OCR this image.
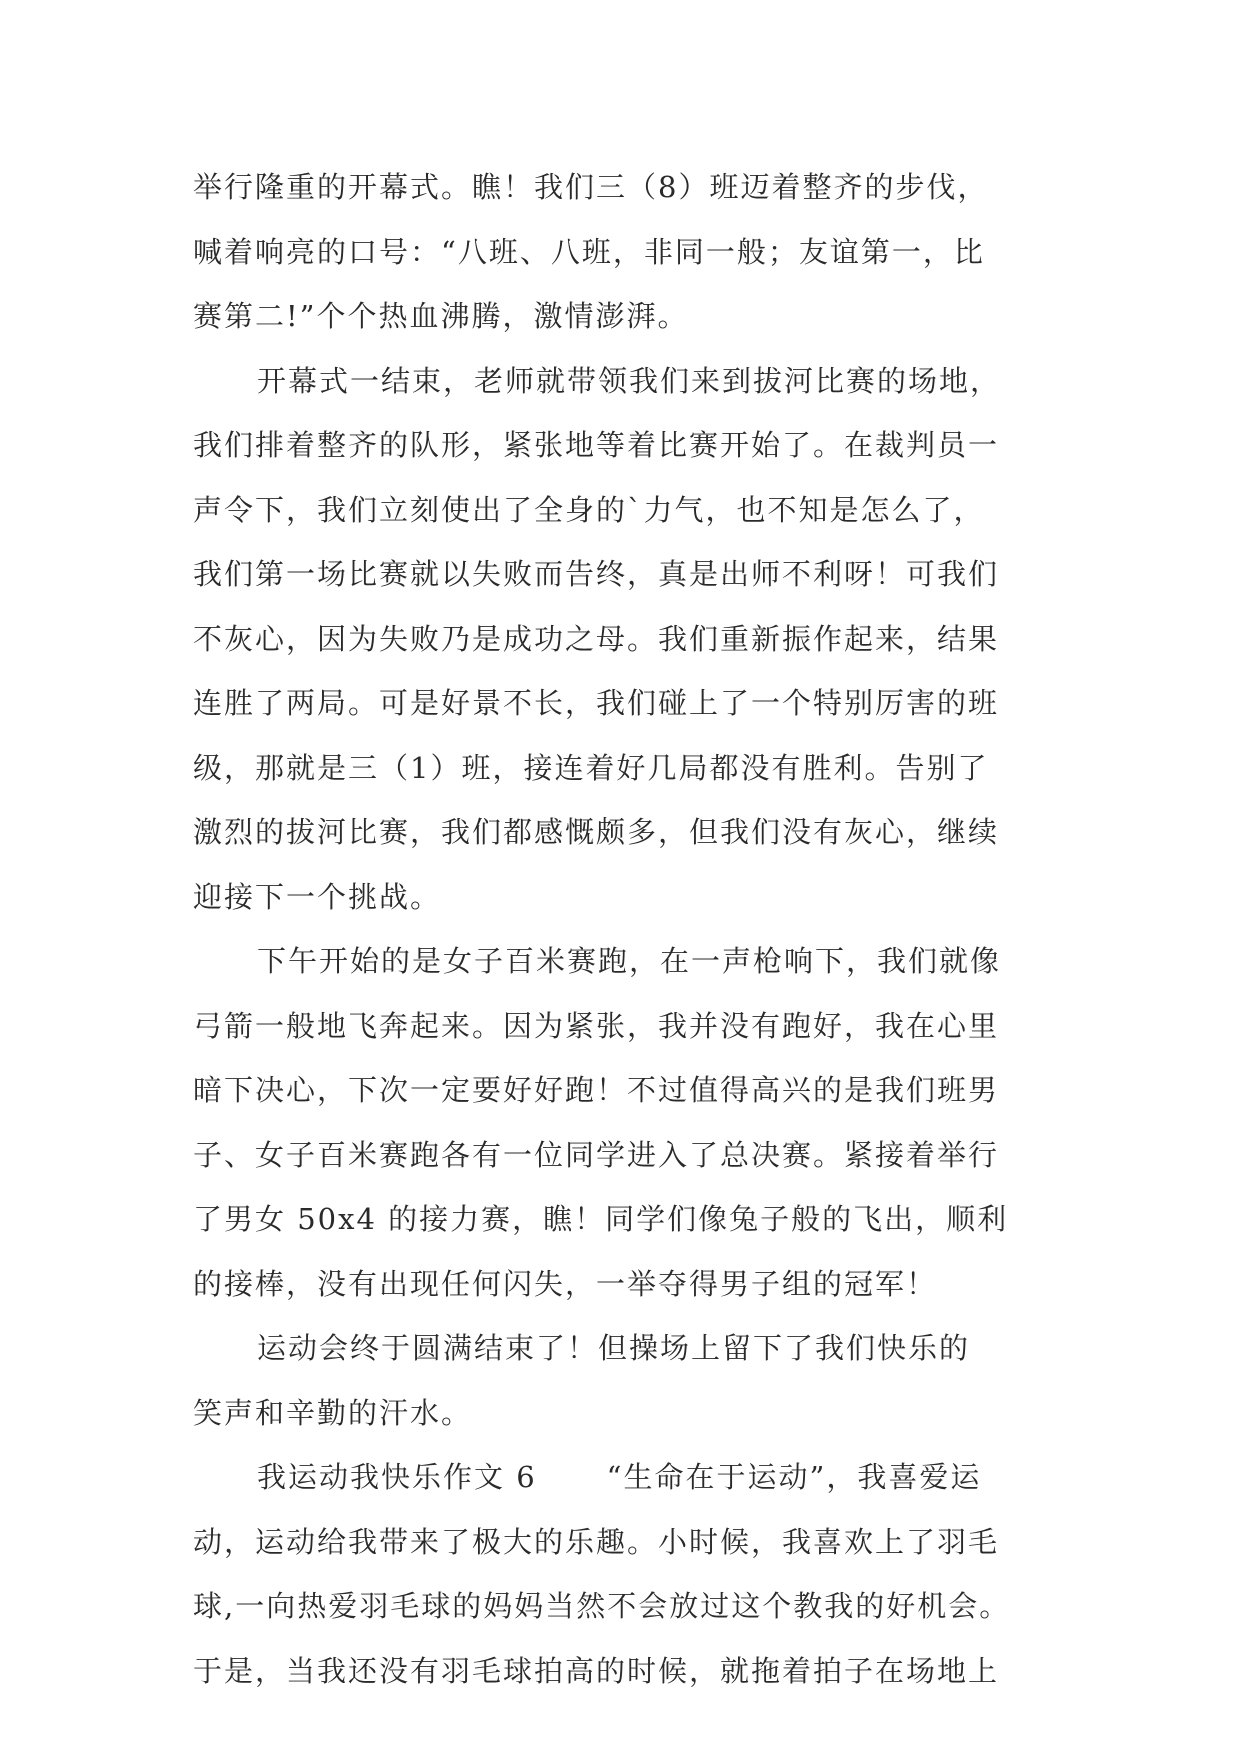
举行隆重的开幕式。瞧！我们三（8）班迈着整齐的步伐，
喊着响亮的口号：“八班、八班，非同一般；友谊第一，比
赛第二!”个个热血沸腾，激情澎湃。
开幕式一结束，老师就带领我们来到拔河比赛的场地，
我们排着整齐的队形，紧张地等着比赛开始了。在裁判员一
声令下，我们立刻使出了全身的`力气，也不知是怎么了，
我们第一场比赛就以失败而告终，真是出师不利呀！可我们
不灰心，因为失败乃是成功之母。我们重新振作起来，结果
连胜了两局。可是好景不长，我们碰上了一个特别厉害的班
级，那就是三（1）班，接连着好几局都没有胜利。告别了
激烈的拔河比赛，我们都感慨颇多，但我们没有灰心，继续
迎接下一个挑战。
下午开始的是女子百米赛跑，在一声枪响下，我们就像
弓箭一般地飞奔起来。因为紧张，我并没有跑好，我在心里
暗下决心，下次一定要好好跑！不过值得高兴的是我们班男
子、女子百米赛跑各有一位同学进入了总决赛。紧接着举行
了男女 50x4 的接力赛，瞧！同学们像兔子般的飞出，顺利
的接棒，没有出现任何闪失，一举夺得男子组的冠军！
运动会终于圆满结束了！但操场上留下了我们快乐的
笑声和辛勤的汗水。
我运动我快乐作文 6 “生命在于运动”，我喜爱运
动，运动给我带来了极大的乐趣。小时候，我喜欢上了羽毛
球,一向热爱羽毛球的妈妈当然不会放过这个教我的好机会。
于是，当我还没有羽毛球拍高的时候，就拖着拍子在场地上
